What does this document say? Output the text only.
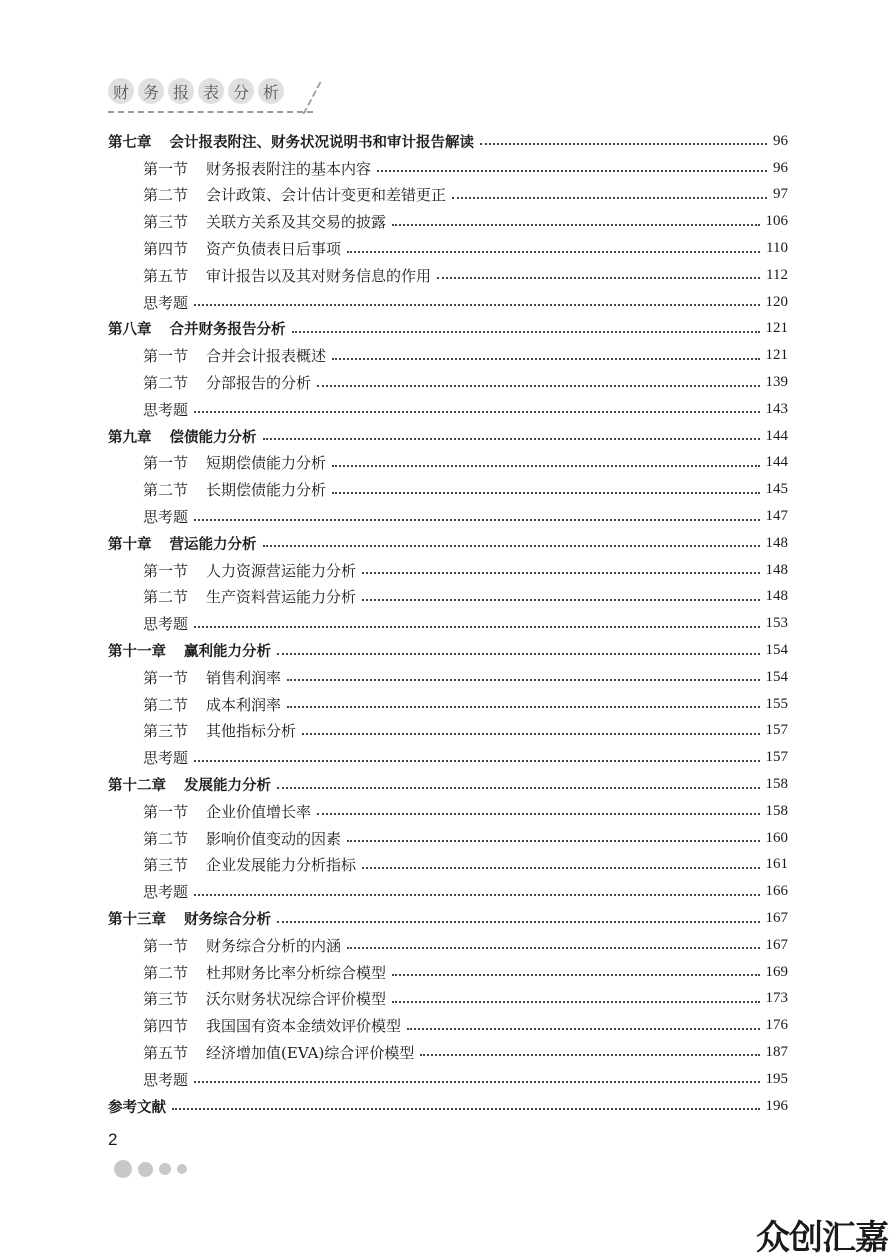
财 务 报 表 分 析
第七章 会计报表附注、财务状况说明书和审计报告解读	96
第一节 财务报表附注的基本内容	96
第二节 会计政策、会计估计变更和差错更正	97
第三节 关联方关系及其交易的披露	106
第四节 资产负债表日后事项	110
第五节 审计报告以及其对财务信息的作用	112
思考题	120
第八章 合并财务报告分析	121
第一节 合并会计报表概述	121
第二节 分部报告的分析	139
思考题	143
第九章 偿债能力分析	144
第一节 短期偿债能力分析	144
第二节 长期偿债能力分析	145
思考题	147
第十章 营运能力分析	148
第一节 人力资源营运能力分析	148
第二节 生产资料营运能力分析	148
思考题	153
第十一章 赢利能力分析	154
第一节 销售利润率	154
第二节 成本利润率	155
第三节 其他指标分析	157
思考题	157
第十二章 发展能力分析	158
第一节 企业价值增长率	158
第二节 影响价值变动的因素	160
第三节 企业发展能力分析指标	161
思考题	166
第十三章 财务综合分析	167
第一节 财务综合分析的内涵	167
第二节 杜邦财务比率分析综合模型	169
第三节 沃尔财务状况综合评价模型	173
第四节 我国国有资本金绩效评价模型	176
第五节 经济增加值(EVA)综合评价模型	187
思考题	195
参考文献	196
2
众创汇嘉
